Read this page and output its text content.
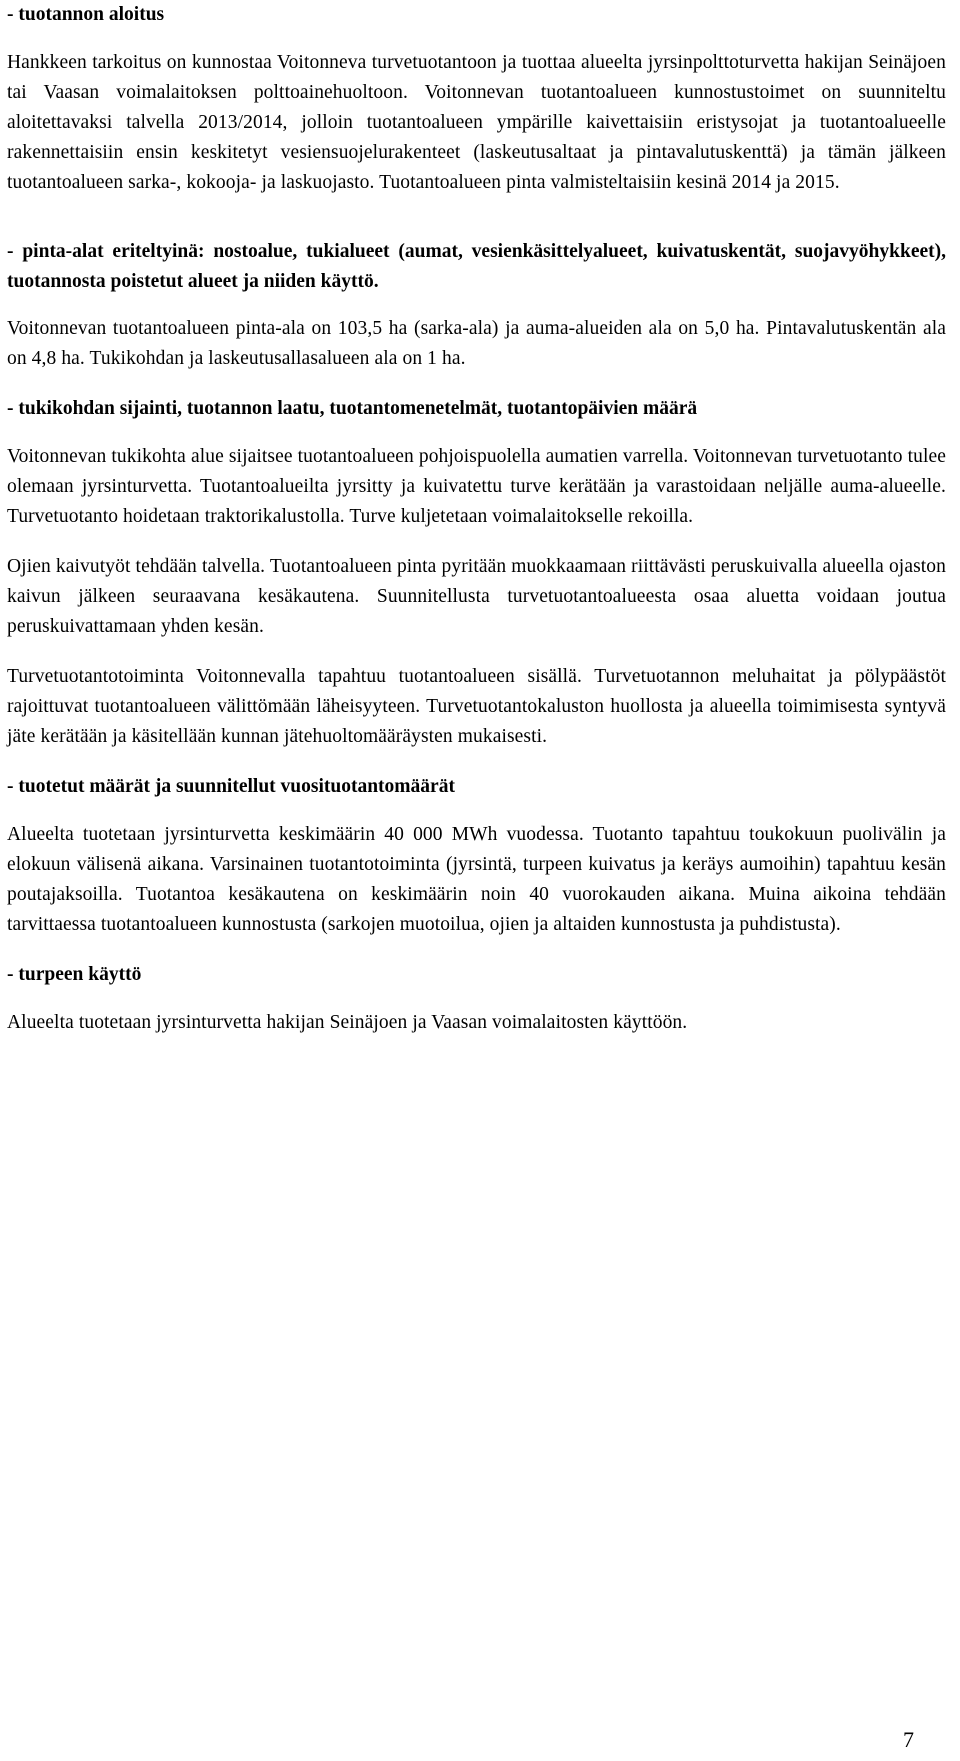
- tuotannon aloitus

Hankkeen tarkoitus on kunnostaa Voitonneva turvetuotantoon ja tuottaa alueelta jyrsinpolttoturvetta hakijan Seinäjoen tai Vaasan voimalaitoksen polttoainehuoltoon. Voitonnevan tuotantoalueen kunnostustoimet on suunniteltu aloitettavaksi talvella 2013/2014, jolloin tuotantoalueen ympärille kaivettaisiin eristysojat ja tuotantoalueelle rakennettaisiin ensin keskitetyt vesiensuojelurakenteet (laskeutusaltaat ja pintavalutuskenttä) ja tämän jälkeen tuotantoalueen sarka-, kokooja- ja laskuojasto. Tuotantoalueen pinta valmisteltaisiin kesinä 2014 ja 2015.

- pinta-alat eriteltyinä: nostoalue, tukialueet (aumat, vesienkäsittelyalueet, kuivatuskentät, suojavyöhykkeet), tuotannosta poistetut alueet ja niiden käyttö.

Voitonnevan tuotantoalueen pinta-ala on 103,5 ha (sarka-ala) ja auma-alueiden ala on 5,0 ha. Pintavalutuskentän ala on 4,8 ha. Tukikohdan ja laskeutusallasalueen ala on 1 ha.

- tukikohdan sijainti, tuotannon laatu, tuotantomenetelmät, tuotantopäivien määrä

Voitonnevan tukikohta alue sijaitsee tuotantoalueen pohjoispuolella aumatien varrella. Voitonnevan turvetuotanto tulee olemaan jyrsinturvetta. Tuotantoalueilta jyrsitty ja kuivatettu turve kerätään ja varastoidaan neljälle auma-alueelle. Turvetuotanto hoidetaan traktorikalustolla. Turve kuljetetaan voimalaitokselle rekoilla.

Ojien kaivutyöt tehdään talvella. Tuotantoalueen pinta pyritään muokkaamaan riittävästi peruskuivalla alueella ojaston kaivun jälkeen seuraavana kesäkautena. Suunnitellusta turvetuotantoalueesta osaa aluetta voidaan joutua peruskuivattamaan yhden kesän.

Turvetuotantotoiminta Voitonnevalla tapahtuu tuotantoalueen sisällä. Turvetuotannon meluhaitat ja pölypäästöt rajoittuvat tuotantoalueen välittömään läheisyyteen. Turvetuotantokaluston huollosta ja alueella toimimisesta syntyvä jäte kerätään ja käsitellään kunnan jätehuoltomääräysten mukaisesti.

- tuotetut määrät ja suunnitellut vuosituotantomäärät

Alueelta tuotetaan jyrsinturvetta keskimäärin 40 000 MWh vuodessa. Tuotanto tapahtuu toukokuun puolivälin ja elokuun välisenä aikana. Varsinainen tuotantotoiminta (jyrsintä, turpeen kuivatus ja keräys aumoihin) tapahtuu kesän poutajaksoilla. Tuotantoa kesäkautena on keskimäärin noin 40 vuorokauden aikana. Muina aikoina tehdään tarvittaessa tuotantoalueen kunnostusta (sarkojen muotoilua, ojien ja altaiden kunnostusta ja puhdistusta).

- turpeen käyttö

Alueelta tuotetaan jyrsinturvetta hakijan Seinäjoen ja Vaasan voimalaitosten käyttöön.

7
